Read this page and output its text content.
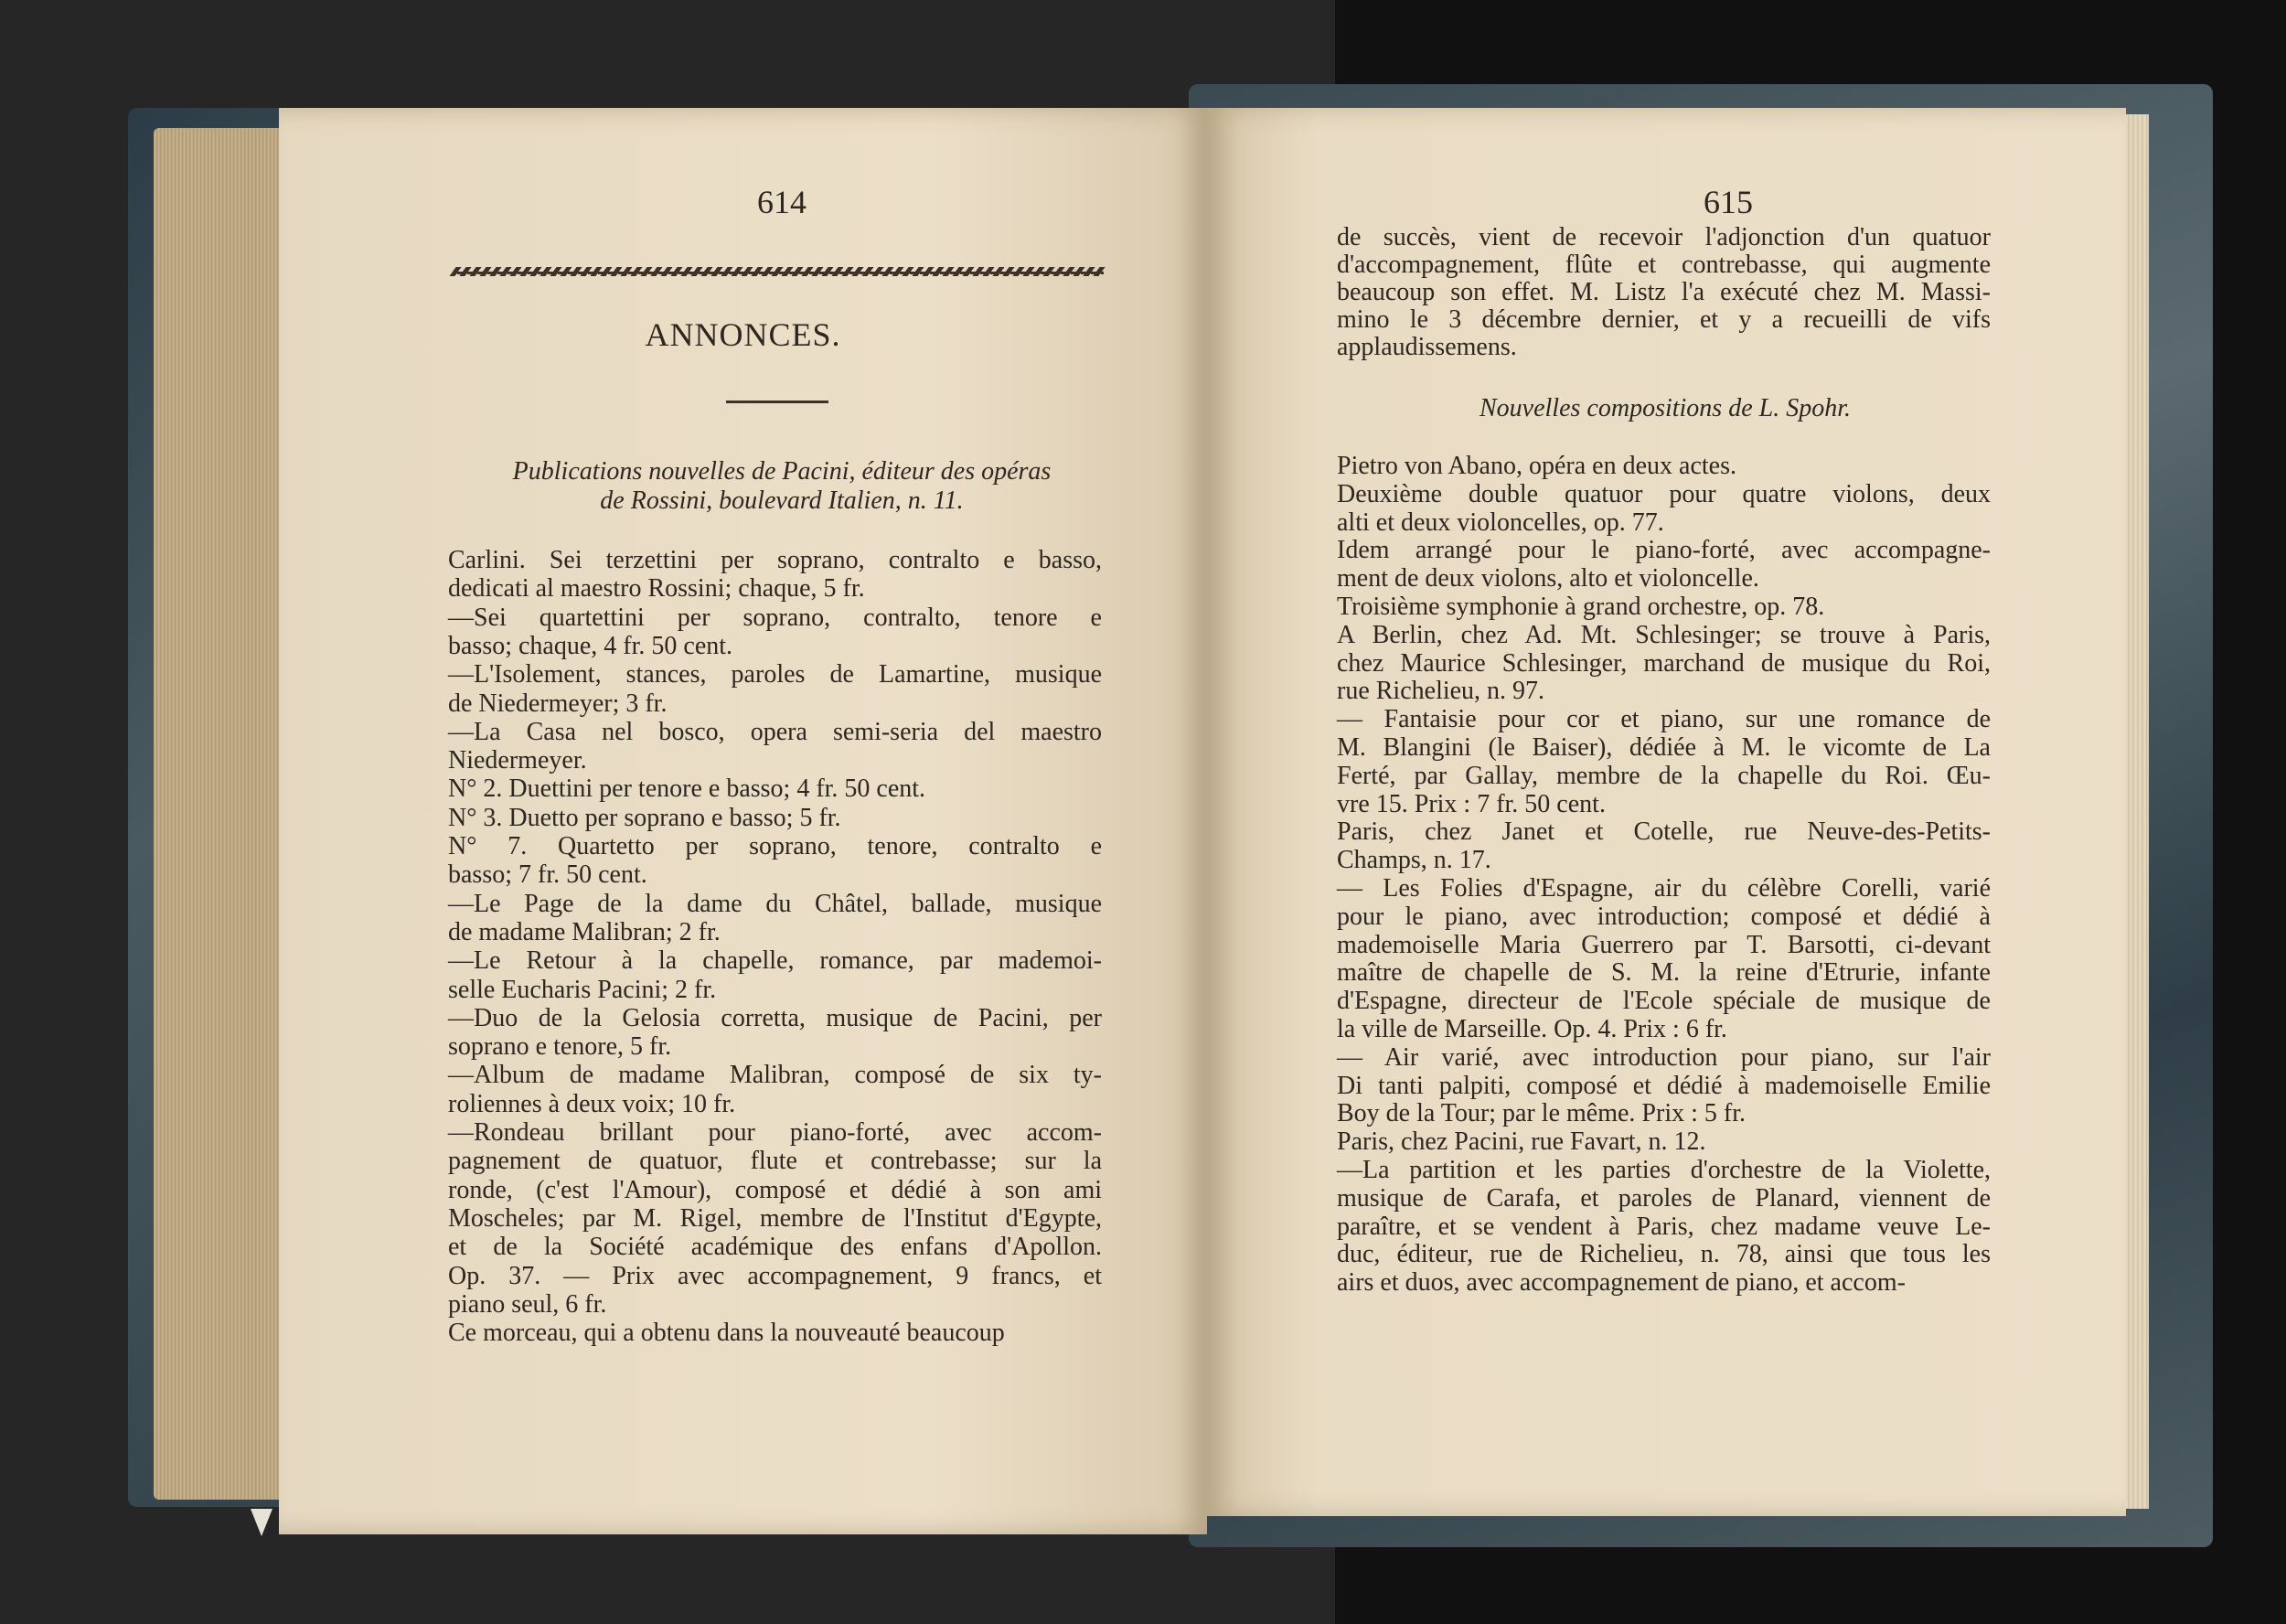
614
ANNONCES.
Publications nouvelles de Pacini, éditeur des opéras
de Rossini, boulevard Italien, n. 11.
Carlini. Sei terzettini per soprano, contralto e basso,
dedicati al maestro Rossini; chaque, 5 fr.
—Sei quartettini per soprano, contralto, tenore e
basso; chaque, 4 fr. 50 cent.
—L'Isolement, stances, paroles de Lamartine, musique
de Niedermeyer; 3 fr.
—La Casa nel bosco, opera semi-seria del maestro
Niedermeyer.
N° 2. Duettini per tenore e basso; 4 fr. 50 cent.
N° 3. Duetto per soprano e basso; 5 fr.
N° 7. Quartetto per soprano, tenore, contralto e
basso; 7 fr. 50 cent.
—Le Page de la dame du Châtel, ballade, musique
de madame Malibran; 2 fr.
—Le Retour à la chapelle, romance, par mademoi-
selle Eucharis Pacini; 2 fr.
—Duo de la Gelosia corretta, musique de Pacini, per
soprano e tenore, 5 fr.
—Album de madame Malibran, composé de six ty-
roliennes à deux voix; 10 fr.
—Rondeau brillant pour piano-forté, avec accom-
pagnement de quatuor, flute et contrebasse; sur la
ronde, (c'est l'Amour), composé et dédié à son ami
Moscheles; par M. Rigel, membre de l'Institut d'Egypte,
et de la Société académique des enfans d'Apollon.
Op. 37. — Prix avec accompagnement, 9 francs, et
piano seul, 6 fr.
Ce morceau, qui a obtenu dans la nouveauté beaucoup
615
de succès, vient de recevoir l'adjonction d'un quatuor
d'accompagnement, flûte et contrebasse, qui augmente
beaucoup son effet. M. Listz l'a exécuté chez M. Massi-
mino le 3 décembre dernier, et y a recueilli de vifs
applaudissemens.
Nouvelles compositions de L. Spohr.
Pietro von Abano, opéra en deux actes.
Deuxième double quatuor pour quatre violons, deux
alti et deux violoncelles, op. 77.
Idem arrangé pour le piano-forté, avec accompagne-
ment de deux violons, alto et violoncelle.
Troisième symphonie à grand orchestre, op. 78.
A Berlin, chez Ad. Mt. Schlesinger; se trouve à Paris,
chez Maurice Schlesinger, marchand de musique du Roi,
rue Richelieu, n. 97.
— Fantaisie pour cor et piano, sur une romance de
M. Blangini (le Baiser), dédiée à M. le vicomte de La
Ferté, par Gallay, membre de la chapelle du Roi. Œu-
vre 15. Prix : 7 fr. 50 cent.
Paris, chez Janet et Cotelle, rue Neuve-des-Petits-
Champs, n. 17.
— Les Folies d'Espagne, air du célèbre Corelli, varié
pour le piano, avec introduction; composé et dédié à
mademoiselle Maria Guerrero par T. Barsotti, ci-devant
maître de chapelle de S. M. la reine d'Etrurie, infante
d'Espagne, directeur de l'Ecole spéciale de musique de
la ville de Marseille. Op. 4. Prix : 6 fr.
— Air varié, avec introduction pour piano, sur l'air
Di tanti palpiti, composé et dédié à mademoiselle Emilie
Boy de la Tour; par le même. Prix : 5 fr.
Paris, chez Pacini, rue Favart, n. 12.
—La partition et les parties d'orchestre de la Violette,
musique de Carafa, et paroles de Planard, viennent de
paraître, et se vendent à Paris, chez madame veuve Le-
duc, éditeur, rue de Richelieu, n. 78, ainsi que tous les
airs et duos, avec accompagnement de piano, et accom-
